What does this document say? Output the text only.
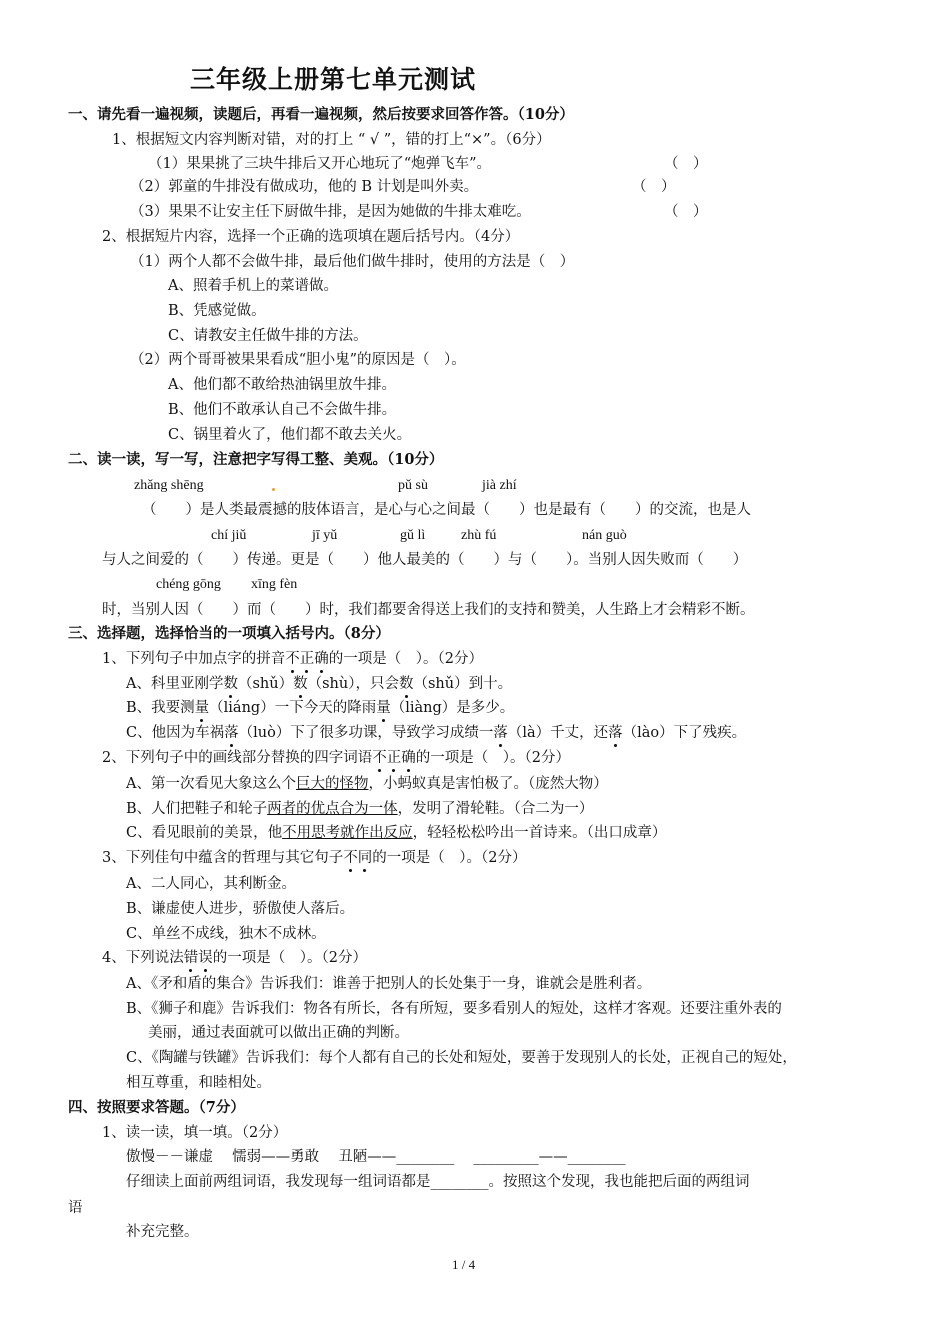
三年级上册第七单元测试
一、请先看一遍视频，读题后，再看一遍视频，然后按要求回答作答。（10分）
1、根据短文内容判断对错，对的打上 “ √ ”，错的打上“×”。（6分）
（1）果果挑了三块牛排后又开心地玩了“炮弹飞车”。	（　）
（2）郭童的牛排没有做成功，他的 B 计划是叫外卖。	（　）
（3）果果不让安主任下厨做牛排，是因为她做的牛排太难吃。	（　）
2、根据短片内容，选择一个正确的选项填在题后括号内。（4分）
（1）两个人都不会做牛排，最后他们做牛排时，使用的方法是（　）
A、照着手机上的菜谱做。
B、凭感觉做。
C、请教安主任做牛排的方法。
（2）两个哥哥被果果看成“胆小鬼”的原因是（　）。
A、他们都不敢给热油锅里放牛排。
B、他们不敢承认自己不会做牛排。
C、锅里着火了，他们都不敢去关火。
二、读一读，写一写，注意把字写得工整、美观。（10分）
zhǎng shēng	pǔ sù	jià zhí
（　　）是人类最震撼的肢体语言，是心与心之间最（　　）也是最有（　　）的交流，也是人
chí jiǔ	jī yǔ	gǔ lì	zhù fú	nán guò
与人之间爱的（　　）传递。更是（　　）他人最美的（　　）与（　　）。当别人因失败而（　　）
chéng gōng xīng fèn
时，当别人因（　　）而（　　）时，我们都要舍得送上我们的支持和赞美，人生路上才会精彩不断。
三、选择题，选择恰当的一项填入括号内。（8分）
1、下列句子中加点字的拼音不正确的一项是（　）。（2分）
A、科里亚刚学数（shǔ）数（shù），只会数（shǔ）到十。
B、我要测量（liáng）一下今天的降雨量（liàng）是多少。
C、他因为车祸落（luò）下了很多功课，导致学习成绩一落（là）千丈，还落（lào）下了残疾。
2、下列句子中的画线部分替换的四字词语不正确的一项是（　）。（2分）
A、第一次看见大象这么个巨大的怪物，小蚂蚁真是害怕极了。（庞然大物）
B、人们把鞋子和轮子两者的优点合为一体，发明了滑轮鞋。（合二为一）
C、看见眼前的美景，他不用思考就作出反应，轻轻松松吟出一首诗来。（出口成章）
3、下列佳句中蕴含的哲理与其它句子不同的一项是（　）。（2分）
A、二人同心，其利断金。
B、谦虚使人进步，骄傲使人落后。
C、单丝不成线，独木不成林。
4、下列说法错误的一项是（　）。（2分）
A、《矛和盾的集合》告诉我们：谁善于把别人的长处集于一身，谁就会是胜利者。
B、《狮子和鹿》告诉我们：物各有所长，各有所短，要多看别人的短处，这样才客观。还要注重外表的
美丽，通过表面就可以做出正确的判断。
C、《陶罐与铁罐》告诉我们：每个人都有自己的长处和短处，要善于发现别人的长处，正视自己的短处，
相互尊重，和睦相处。
四、按照要求答题。（7分）
1、读一读，填一填。（2分）
傲慢－－谦虚　 懦弱——勇敢　 丑陋——________　 _________——________
仔细读上面前两组词语，我发现每一组词语都是________。按照这个发现，我也能把后面的两组词
语
补充完整。
1 / 4
